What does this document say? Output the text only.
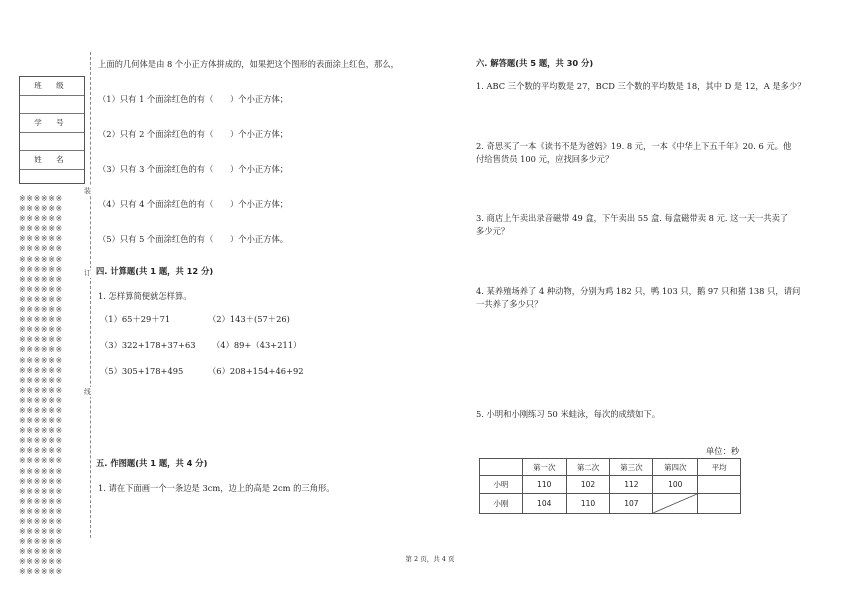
班 级
学 号
姓 名
※※※※※※
※※※※※※
※※※※※※
※※※※※※
※※※※※※
※※※※※※
※※※※※※
※※※※※※
※※※※※※
※※※※※※
※※※※※※
※※※※※※
※※※※※※
※※※※※※
※※※※※※
※※※※※※
※※※※※※
※※※※※※
※※※※※※
※※※※※※
※※※※※※
※※※※※※
※※※※※※
※※※※※※
※※※※※※
※※※※※※
※※※※※※
※※※※※※
※※※※※※
※※※※※※
※※※※※※
※※※※※※
※※※※※※
※※※※※※
※※※※※※
※※※※※※
※※※※※※
※※※※※※
装
订
线
上面的几何体是由 8 个小正方体拼成的，如果把这个图形的表面涂上红色，那么，
（1）只有 1 个面涂红色的有（　　）个小正方体；
（2）只有 2 个面涂红色的有（　　）个小正方体；
（3）只有 3 个面涂红色的有（　　）个小正方体；
（4）只有 4 个面涂红色的有（　　）个小正方体；
（5）只有 5 个面涂红色的有（　　）个小正方体。
四. 计算题(共 1 题，共 12 分)
1. 怎样算简便就怎样算。
（1）65＋29＋71	（2）143＋(57＋26)
（3）322+178+37+63 （4）89+（43+211）
（5）305+178+495	（6）208+154+46+92
五. 作图题(共 1 题，共 4 分)
1. 请在下面画一个一条边是 3cm，边上的高是 2cm 的三角形。
六. 解答题(共 5 题，共 30 分)
1. ABC 三个数的平均数是 27，BCD 三个数的平均数是 18，其中 D 是 12，A 是多少？
2. 奇思买了一本《读书不是为爸妈》19. 8 元，一本《中华上下五千年》20. 6 元。他
付给售货员 100 元，应找回多少元？
3. 商店上午卖出录音磁带 49 盒，下午卖出 55 盒. 每盒磁带卖 8 元. 这一天一共卖了
多少元？
4. 某养殖场养了 4 种动物，分别为鸡 182 只，鸭 103 只，鹅 97 只和猪 138 只，请问
一共养了多少只？
5. 小明和小刚练习 50 米蛙泳，每次的成绩如下。
单位：秒
	第一次	第二次	第三次	第四次	平均
小明	110	102	112	100	
小刚	104	110	107	

第 2 页，共 4 页
